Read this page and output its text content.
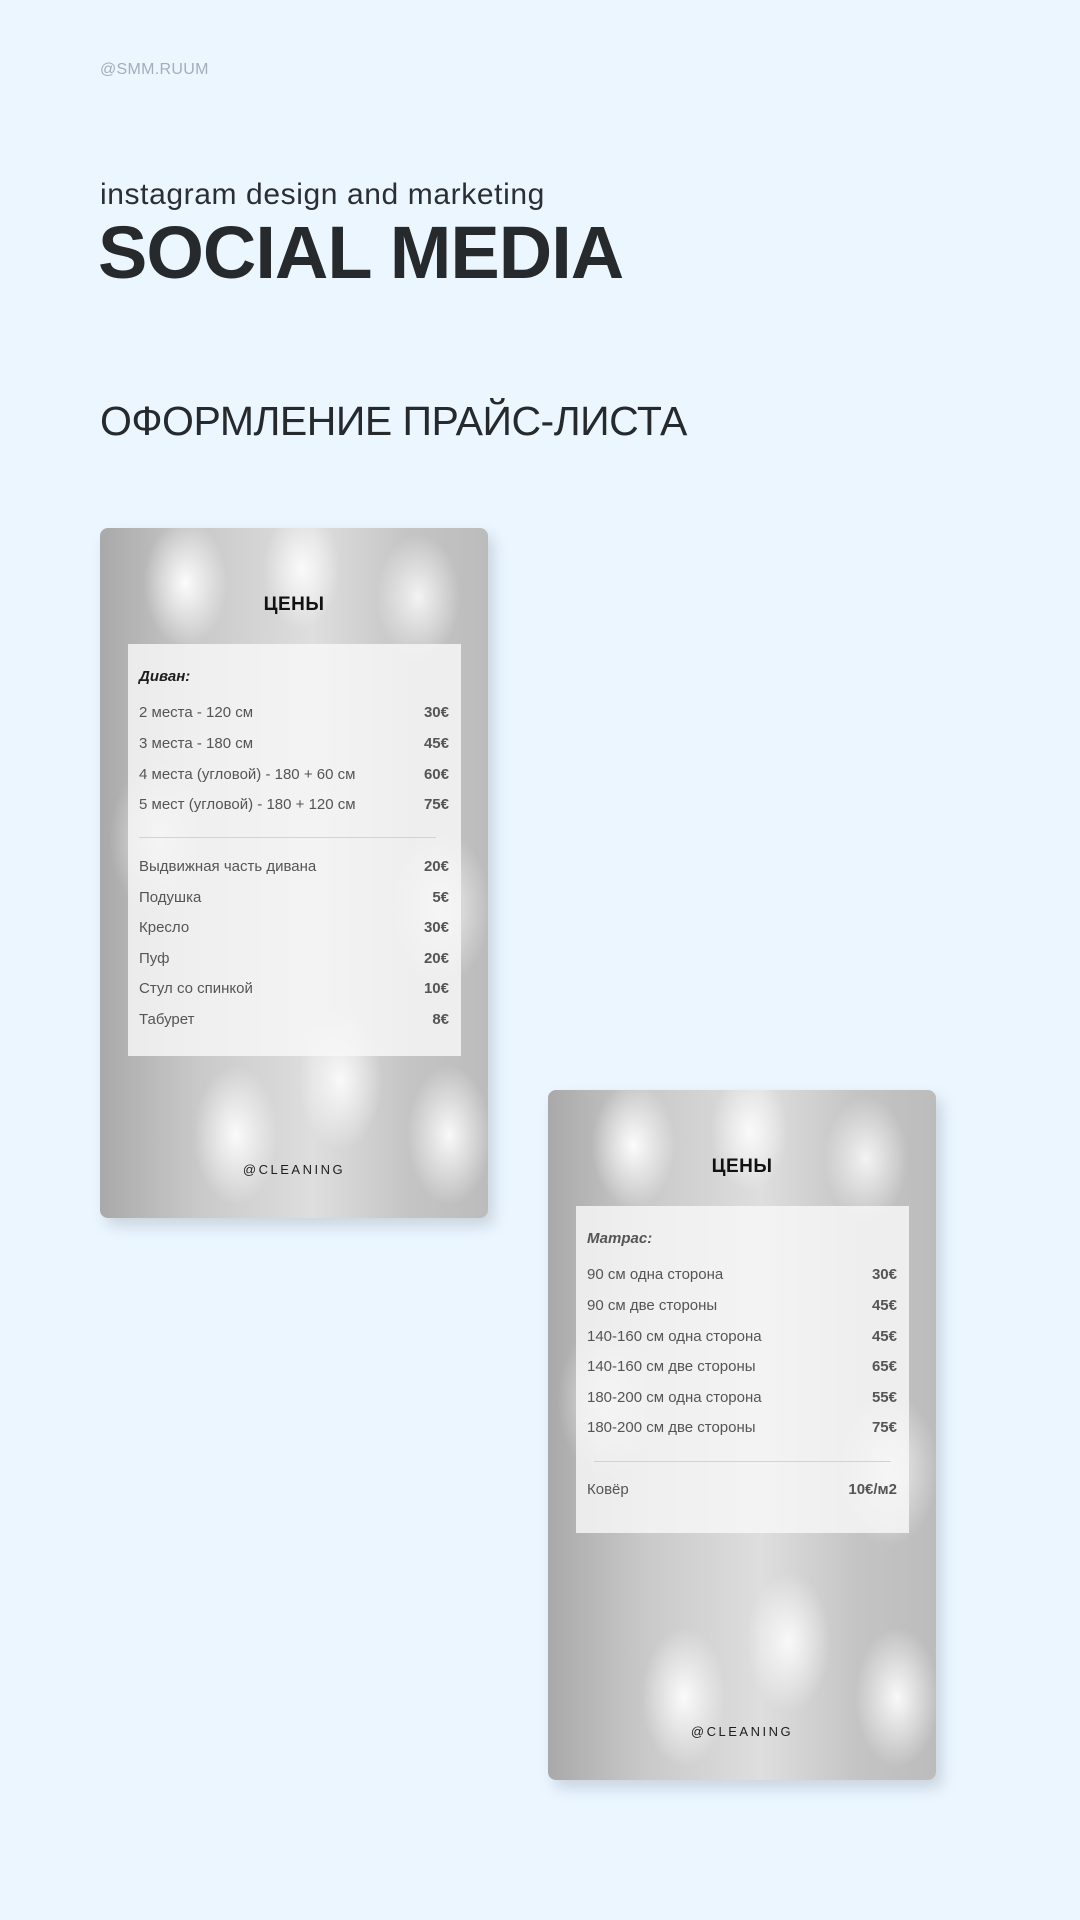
@SMM.RUUM
instagram design and marketing
SOCIAL MEDIA
ОФОРМЛЕНИЕ ПРАЙС-ЛИСТА
ЦЕНЫ
Диван:
2 места - 120 см	30€
3 места - 180 см	45€
4 места (угловой) - 180 + 60 см	60€
5 мест (угловой) - 180 + 120 см	75€
Выдвижная часть дивана	20€
Подушка	5€
Кресло	30€
Пуф	20€
Стул со спинкой	10€
Табурет	8€
@CLEANING	ЦЕНЫ
Матрас:
90 см одна сторона	30€
90 см две стороны	45€
140-160 см одна сторона	45€
140-160 см две стороны	65€
180-200 см одна сторона	55€
180-200 см две стороны	75€
Ковёр	10€/м2
@CLEANING
